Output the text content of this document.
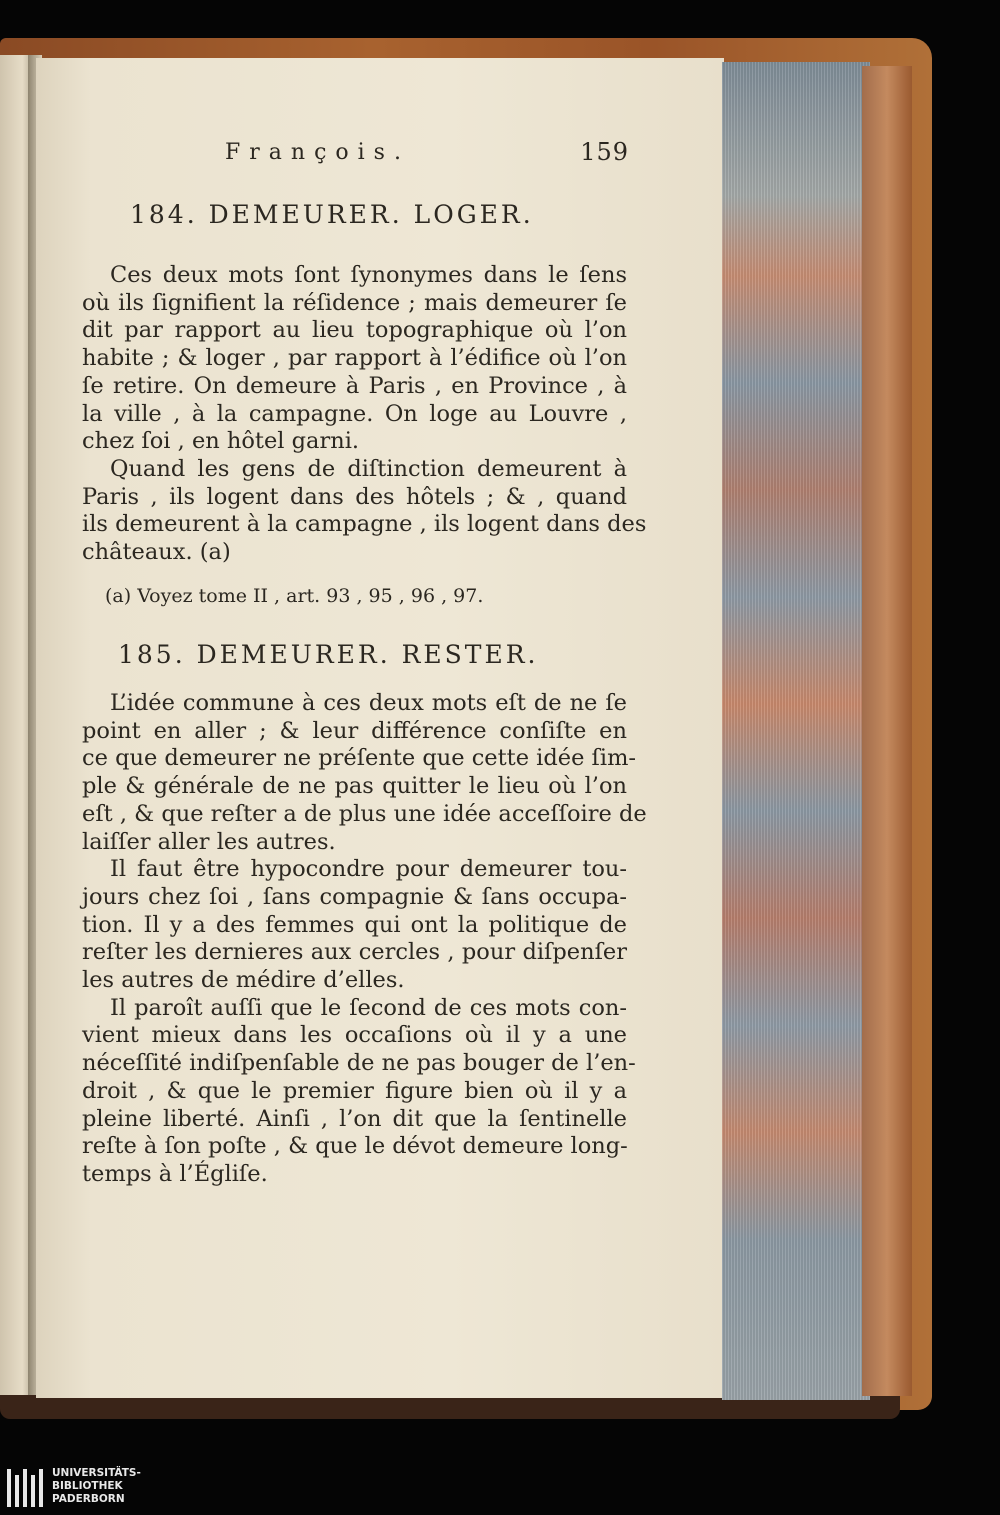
François.	159
184. DEMEURER. LOGER.
Ces deux mots ſont ſynonymes dans le ſens
où ils ſignifient la réſidence ; mais demeurer ſe
dit par rapport au lieu topographique où l’on
habite ; & loger , par rapport à l’édifice où l’on
ſe retire. On demeure à Paris , en Province , à
la ville , à la campagne. On loge au Louvre ,
chez ſoi , en hôtel garni.
Quand les gens de diſtinction demeurent à
Paris , ils logent dans des hôtels ; & , quand
ils demeurent à la campagne , ils logent dans des
châteaux. (a)
(a) Voyez tome II , art. 93 , 95 , 96 , 97.
185. DEMEURER. RESTER.
L’idée commune à ces deux mots eſt de ne ſe
point en aller ; & leur différence conſiſte en
ce que demeurer ne préſente que cette idée ſim-
ple & générale de ne pas quitter le lieu où l’on
eſt , & que reſter a de plus une idée acceſſoire de
laiſſer aller les autres.
Il faut être hypocondre pour demeurer tou-
jours chez ſoi , ſans compagnie & ſans occupa-
tion. Il y a des femmes qui ont la politique de
reſter les dernieres aux cercles , pour diſpenſer
les autres de médire d’elles.
Il paroît auſſi que le ſecond de ces mots con-
vient mieux dans les occaſions où il y a une
néceſſité indiſpenſable de ne pas bouger de l’en-
droit , & que le premier figure bien où il y a
pleine liberté. Ainſi , l’on dit que la ſentinelle
reſte à ſon poſte , & que le dévot demeure long-
temps à l’Égliſe.
UNIVERSITÄTS-
BIBLIOTHEK
PADERBORN
